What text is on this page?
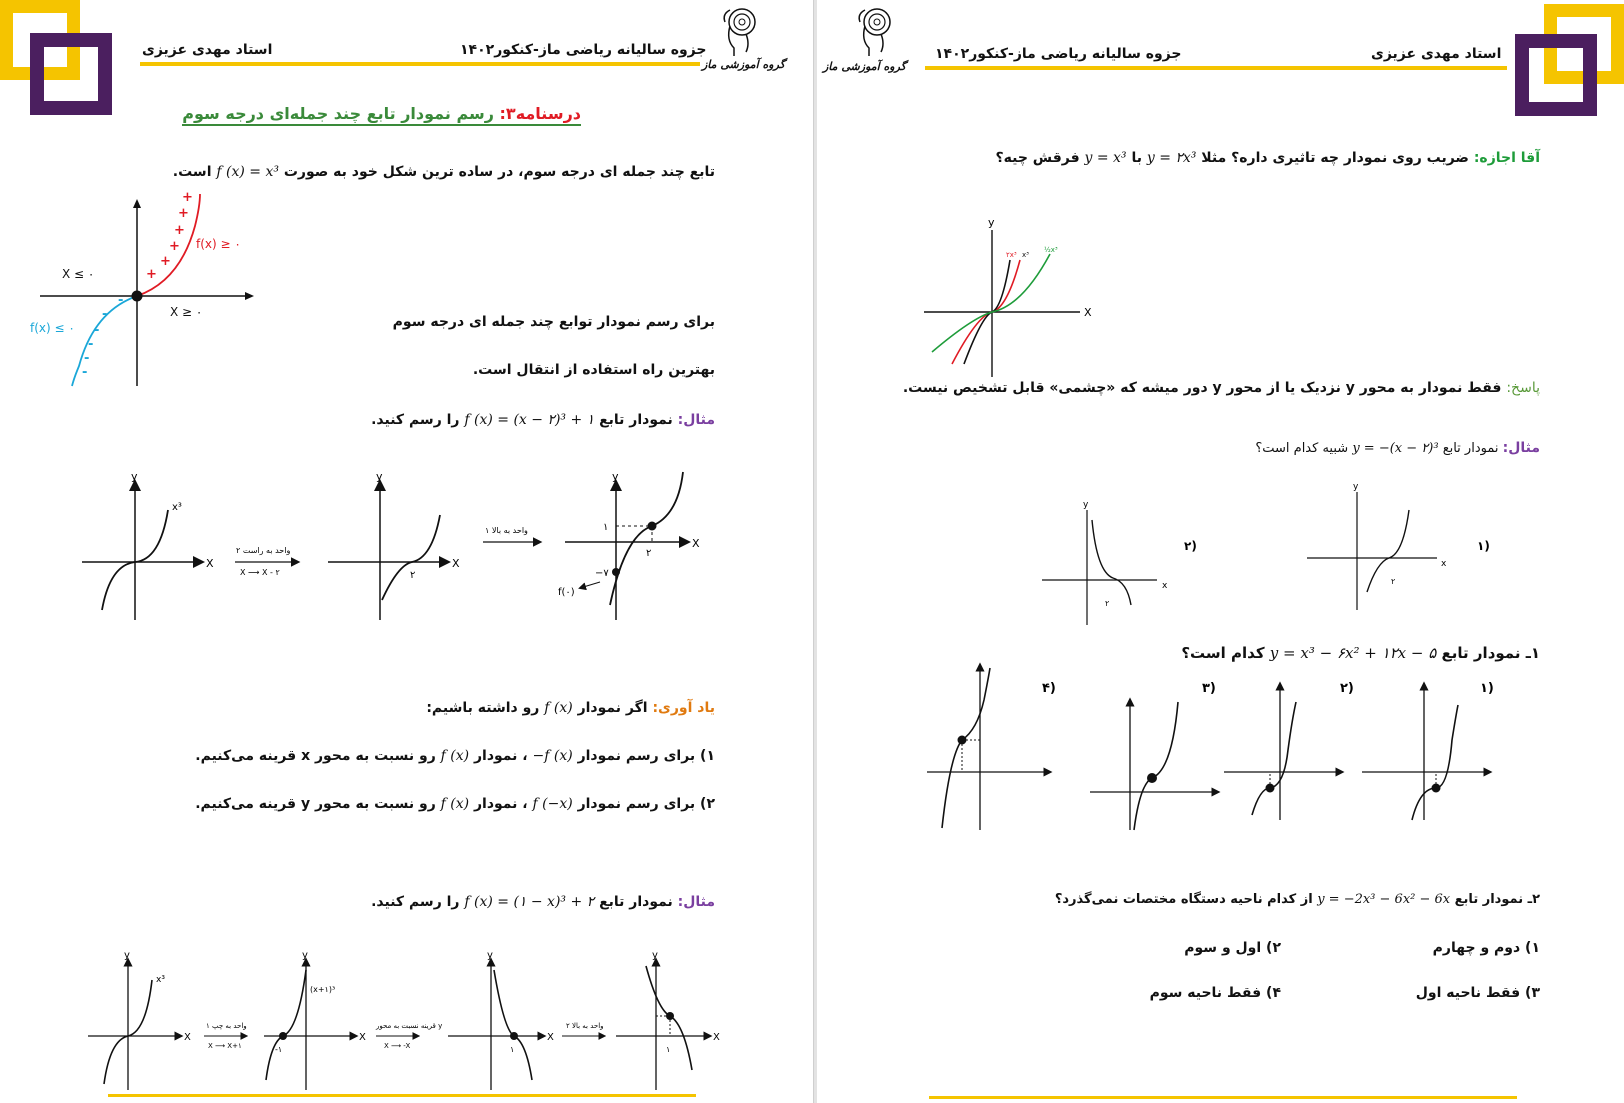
استاد مهدی عزیزی	جزوه سالیانه ریاضی ماز-کنکور۱۴۰۲
گروه آموزشی ماز
درسنامه۳: رسم نمودار تابع چند جمله‌ای درجه سوم
تابع چند جمله ای درجه سوم، در ساده ترین شکل خود به صورت f (x) = x³ است.
f(x) ≥ ۰
f(x) ≤ ۰
X ≥ ۰
X ≤ ۰
+
+
+
+
+
+
-
-
-
-
-
-
برای رسم نمودار توابع چند جمله ای درجه سوم
بهترین راه استفاده از انتقال است.
مثال: نمودار تابع f (x) = (x − ۲)³ + ۱ را رسم کنید.
X
y
x³
۲ واحد به راست
X ⟶ X - ۲
X
y
۲
۱ واحد به بالا
X
y
۲
۱
−۷
f(۰)
یاد آوری: اگر نمودار f (x) رو داشته باشیم:
۱) برای رسم نمودار −f (x) ، نمودار f (x) رو نسبت به محور x قرینه می‌کنیم.
۲) برای رسم نمودار f (−x) ، نمودار f (x) رو نسبت به محور y قرینه می‌کنیم.
مثال: نمودار تابع f (x) = (۱ − x)³ + ۲ را رسم کنید.
X
y
x³
۱ واحد به چپ
X ⟶ X+۱
X
y
(x+۱)³
-۱
قرینه نسبت به محور y
X ⟶ -X
X
y
۱
۲ واحد به بالا
X
y
۱
گروه آموزشی ماز
جزوه سالیانه ریاضی ماز-کنکور۱۴۰۲	استاد مهدی عزیزی
آقا اجازه: ضریب روی نمودار چه تاثیری داره؟ مثلا y = ۲x³ با y = x³ فرقش چیه؟
X
y
۲x³ x³
½x³
پاسخ: فقط نمودار به محور y نزدیک یا از محور y دور میشه که «چشمی» قابل تشخیص نیست.
مثال: نمودار تابع y = −(x − ۲)³ شبیه کدام است؟
x
y
۲
۲)
x
y
۲
۱)
۱ـ نمودار تابع y = x³ − ۶x² + ۱۲x − ۵ کدام است؟
۴)	۳)	۲)	۱)
۲ـ نمودار تابع y = −2x³ − 6x² − 6x از کدام ناحیه دستگاه مختصات نمی‌گذرد؟
۱) دوم و چهارم
۲) اول و سوم
۳) فقط ناحیه اول
۴) فقط ناحیه سوم
